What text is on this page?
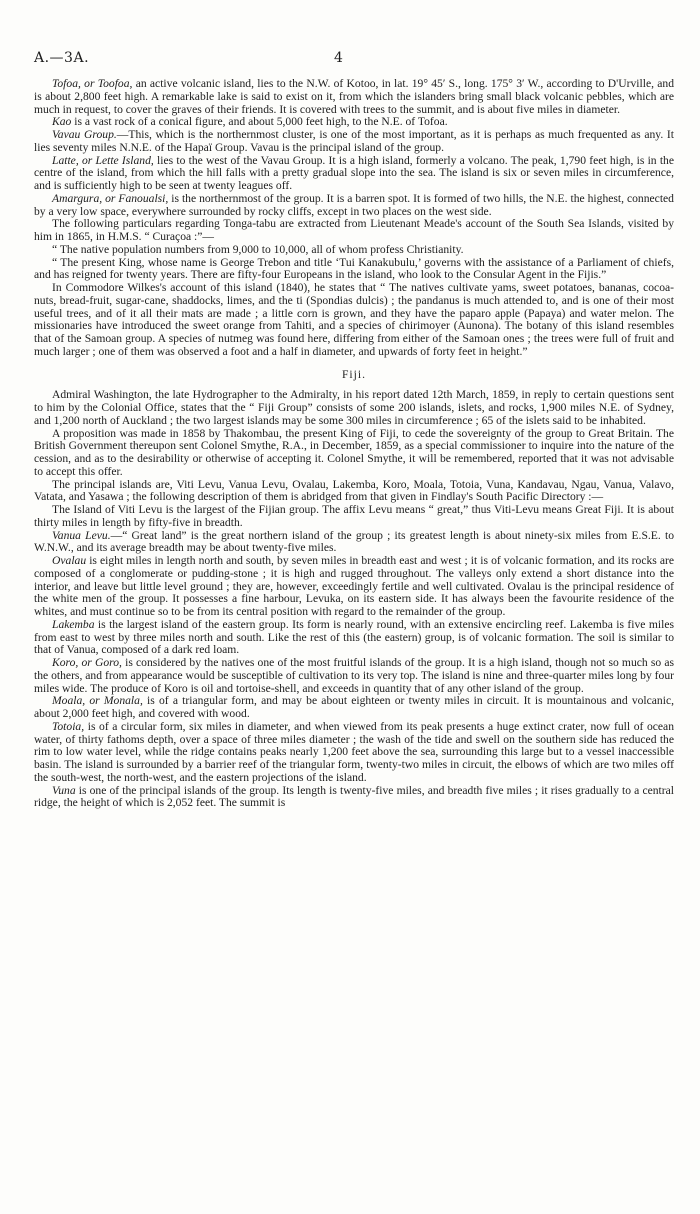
A.—3A.	4

Tofoa, or Toofoa, an active volcanic island, lies to the N.W. of Kotoo, in lat. 19° 45′ S., long. 175° 3′ W., according to D'Urville, and is about 2,800 feet high. A remarkable lake is said to exist on it, from which the islanders bring small black volcanic pebbles, which are much in request, to cover the graves of their friends. It is covered with trees to the summit, and is about five miles in diameter.

Kao is a vast rock of a conical figure, and about 5,000 feet high, to the N.E. of Tofoa.

Vavau Group.—This, which is the northernmost cluster, is one of the most important, as it is perhaps as much frequented as any. It lies seventy miles N.N.E. of the Hapaï Group. Vavau is the principal island of the group.

Latte, or Lette Island, lies to the west of the Vavau Group. It is a high island, formerly a volcano. The peak, 1,790 feet high, is in the centre of the island, from which the hill falls with a pretty gradual slope into the sea. The island is six or seven miles in circumference, and is sufficiently high to be seen at twenty leagues off.

Amargura, or Fanoualsi, is the northernmost of the group. It is a barren spot. It is formed of two hills, the N.E. the highest, connected by a very low space, everywhere surrounded by rocky cliffs, except in two places on the west side.

The following particulars regarding Tonga-tabu are extracted from Lieutenant Meade's account of the South Sea Islands, visited by him in 1865, in H.M.S. “ Curaçoa :”—

“ The native population numbers from 9,000 to 10,000, all of whom profess Christianity.

“ The present King, whose name is George Trebon and title ‘Tui Kanakubulu,’ governs with the assistance of a Parliament of chiefs, and has reigned for twenty years. There are fifty-four Europeans in the island, who look to the Consular Agent in the Fijis.”

In Commodore Wilkes's account of this island (1840), he states that “ The natives cultivate yams, sweet potatoes, bananas, cocoa-nuts, bread-fruit, sugar-cane, shaddocks, limes, and the ti (Spondias dulcis) ; the pandanus is much attended to, and is one of their most useful trees, and of it all their mats are made ; a little corn is grown, and they have the paparo apple (Papaya) and water melon. The missionaries have introduced the sweet orange from Tahiti, and a species of chirimoyer (Aunona). The botany of this island resembles that of the Samoan group. A species of nutmeg was found here, differing from either of the Samoan ones ; the trees were full of fruit and much larger ; one of them was observed a foot and a half in diameter, and upwards of forty feet in height.”

Fiji.

Admiral Washington, the late Hydrographer to the Admiralty, in his report dated 12th March, 1859, in reply to certain questions sent to him by the Colonial Office, states that the “ Fiji Group” consists of some 200 islands, islets, and rocks, 1,900 miles N.E. of Sydney, and 1,200 north of Auckland ; the two largest islands may be some 300 miles in circumference ; 65 of the islets said to be inhabited.

A proposition was made in 1858 by Thakombau, the present King of Fiji, to cede the sovereignty of the group to Great Britain. The British Government thereupon sent Colonel Smythe, R.A., in December, 1859, as a special commissioner to inquire into the nature of the cession, and as to the desirability or otherwise of accepting it. Colonel Smythe, it will be remembered, reported that it was not advisable to accept this offer.

The principal islands are, Viti Levu, Vanua Levu, Ovalau, Lakemba, Koro, Moala, Totoia, Vuna, Kandavau, Ngau, Vanua, Valavo, Vatata, and Yasawa ; the following description of them is abridged from that given in Findlay's South Pacific Directory :—

The Island of Viti Levu is the largest of the Fijian group. The affix Levu means “ great,” thus Viti-Levu means Great Fiji. It is about thirty miles in length by fifty-five in breadth.

Vanua Levu.—“ Great land” is the great northern island of the group ; its greatest length is about ninety-six miles from E.S.E. to W.N.W., and its average breadth may be about twenty-five miles.

Ovalau is eight miles in length north and south, by seven miles in breadth east and west ; it is of volcanic formation, and its rocks are composed of a conglomerate or pudding-stone ; it is high and rugged throughout. The valleys only extend a short distance into the interior, and leave but little level ground ; they are, however, exceedingly fertile and well cultivated. Ovalau is the principal residence of the white men of the group. It possesses a fine harbour, Levuka, on its eastern side. It has always been the favourite residence of the whites, and must continue so to be from its central position with regard to the remainder of the group.

Lakemba is the largest island of the eastern group. Its form is nearly round, with an extensive encircling reef. Lakemba is five miles from east to west by three miles north and south. Like the rest of this (the eastern) group, is of volcanic formation. The soil is similar to that of Vanua, composed of a dark red loam.

Koro, or Goro, is considered by the natives one of the most fruitful islands of the group. It is a high island, though not so much so as the others, and from appearance would be susceptible of cultivation to its very top. The island is nine and three-quarter miles long by four miles wide. The produce of Koro is oil and tortoise-shell, and exceeds in quantity that of any other island of the group.

Moala, or Monala, is of a triangular form, and may be about eighteen or twenty miles in circuit. It is mountainous and volcanic, about 2,000 feet high, and covered with wood.

Totoia, is of a circular form, six miles in diameter, and when viewed from its peak presents a huge extinct crater, now full of ocean water, of thirty fathoms depth, over a space of three miles diameter ; the wash of the tide and swell on the southern side has reduced the rim to low water level, while the ridge contains peaks nearly 1,200 feet above the sea, surrounding this large but to a vessel inaccessible basin. The island is surrounded by a barrier reef of the triangular form, twenty-two miles in circuit, the elbows of which are two miles off the south-west, the north-west, and the eastern projections of the island.

Vuna is one of the principal islands of the group. Its length is twenty-five miles, and breadth five miles ; it rises gradually to a central ridge, the height of which is 2,052 feet. The summit is
